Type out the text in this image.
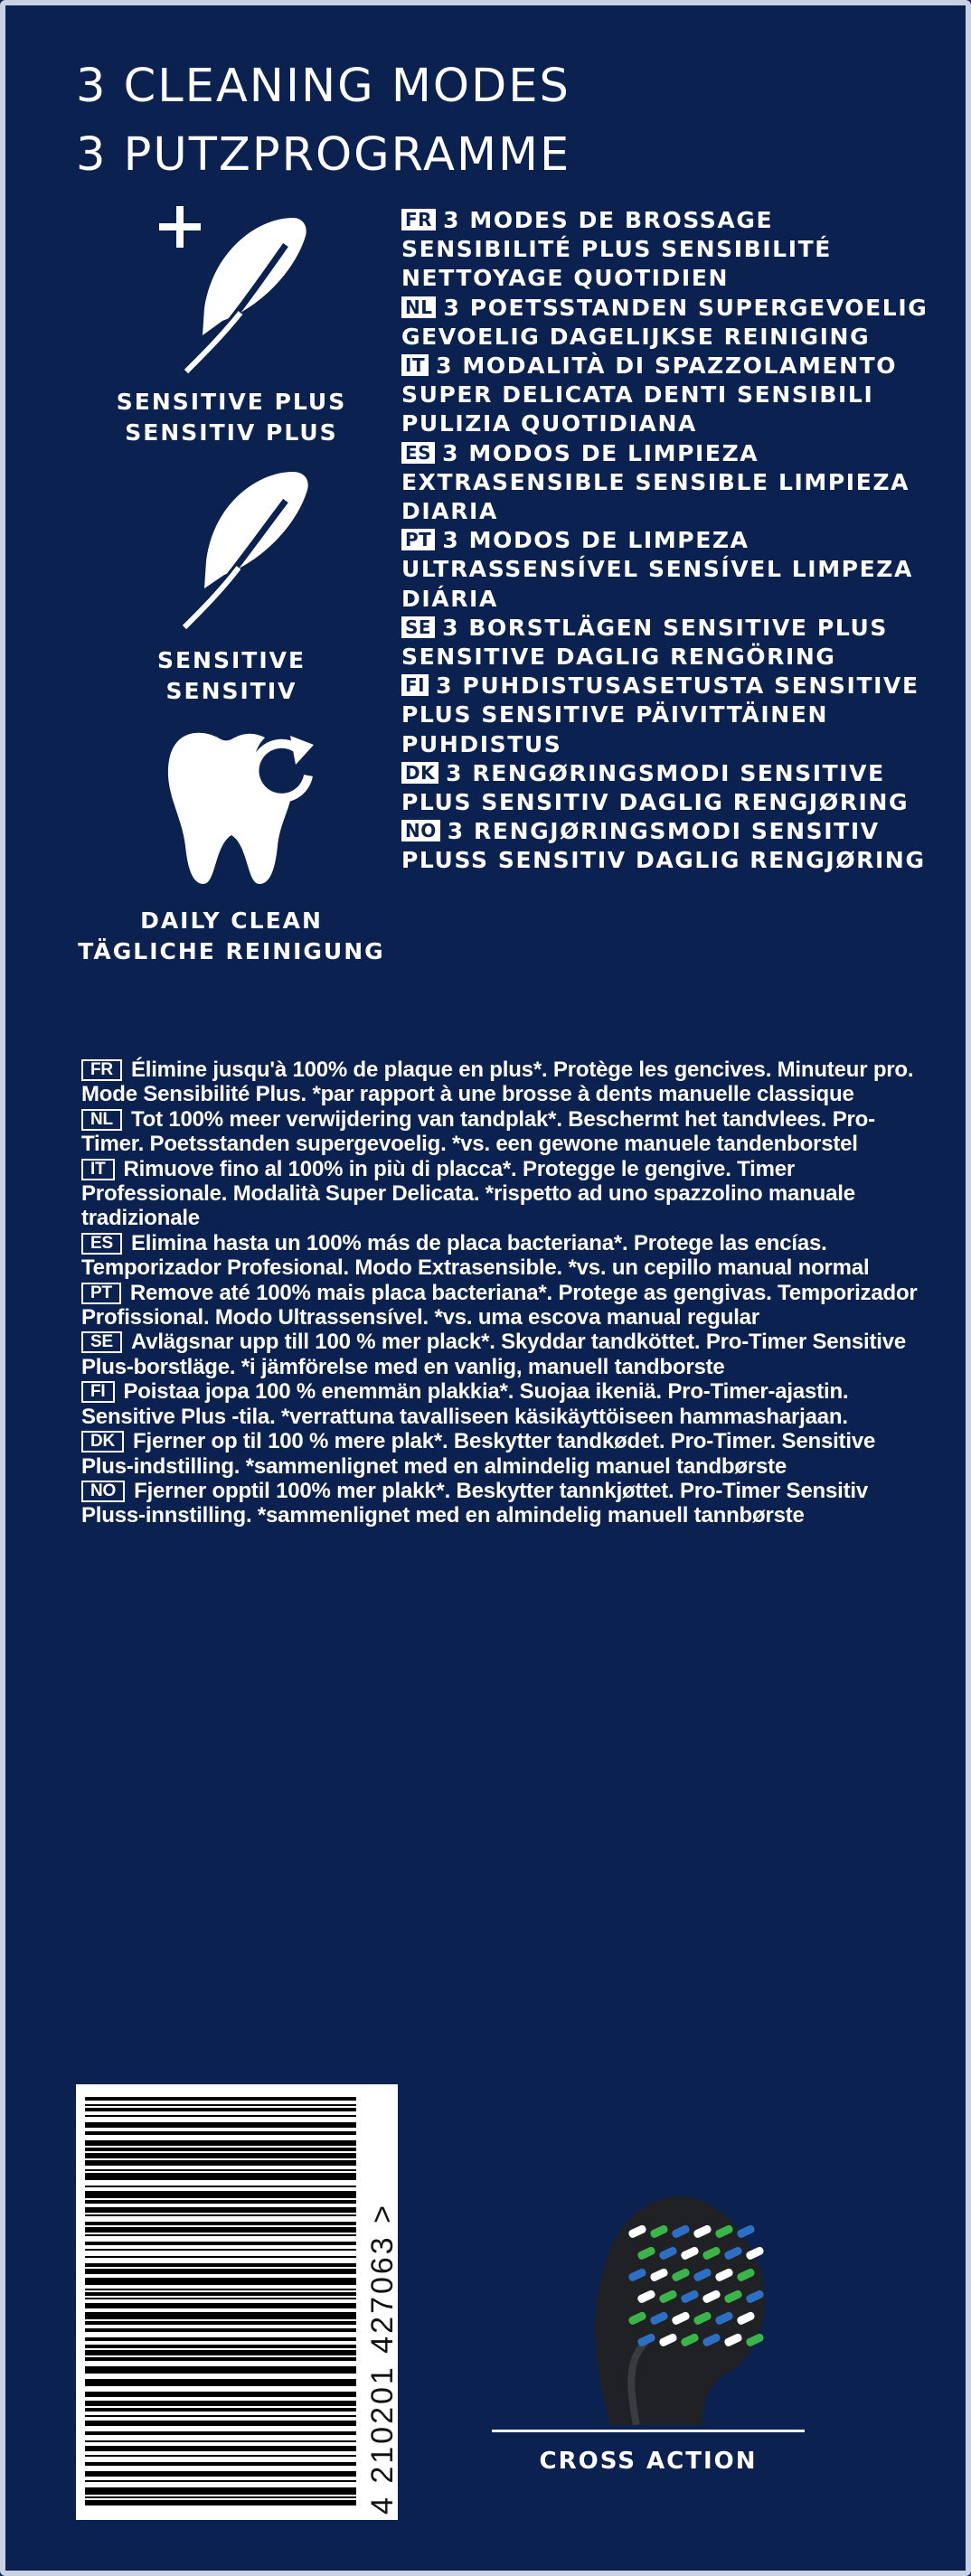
3 CLEANING MODES
3 PUTZPROGRAMME
SENSITIVE PLUS
SENSITIV PLUS
SENSITIVE
SENSITIV
DAILY CLEAN
TÄGLICHE REINIGUNG

FR 3 MODES DE BROSSAGE SENSIBILITÉ PLUS SENSIBILITÉ NETTOYAGE QUOTIDIEN

NL 3 POETSSTANDEN SUPERGEVOELIG GEVOELIG DAGELIJKSE REINIGING

IT 3 MODALITÀ DI SPAZZOLAMENTO SUPER DELICATA DENTI SENSIBILI PULIZIA QUOTIDIANA

ES 3 MODOS DE LIMPIEZA EXTRASENSIBLE SENSIBLE LIMPIEZA DIARIA

PT 3 MODOS DE LIMPEZA ULTRASSENSÍVEL SENSÍVEL LIMPEZA DIÁRIA

SE 3 BORSTLÄGEN SENSITIVE PLUS SENSITIVE DAGLIG RENGÖRING

FI 3 PUHDISTUSASETUSTA SENSITIVE PLUS SENSITIVE PÄIVITTÄINEN PUHDISTUS

DK 3 RENGØRINGSMODI SENSITIVE PLUS SENSITIV DAGLIG RENGJØRING

NO 3 RENGJØRINGSMODI SENSITIV PLUSS SENSITIV DAGLIG RENGJØRING

FR Élimine jusqu'à 100% de plaque en plus*. Protège les gencives. Minuteur pro. Mode Sensibilité Plus. *par rapport à une brosse à dents manuelle classique

NL Tot 100% meer verwijdering van tandplak*. Beschermt het tandvlees. Pro-Timer. Poetsstanden supergevoelig. *vs. een gewone manuele tandenborstel

IT Rimuove fino al 100% in più di placca*. Protegge le gengive. Timer Professionale. Modalità Super Delicata. *rispetto ad uno spazzolino manuale tradizionale

ES Elimina hasta un 100% más de placa bacteriana*. Protege las encías. Temporizador Profesional. Modo Extrasensible. *vs. un cepillo manual normal

PT Remove até 100% mais placa bacteriana*. Protege as gengivas. Temporizador Profissional. Modo Ultrassensível. *vs. uma escova manual regular

SE Avlägsnar upp till 100 % mer plack*. Skyddar tandköttet. Pro-Timer Sensitive Plus-borstläge. *i jämförelse med en vanlig, manuell tandborste

FI Poistaa jopa 100 % enemmän plakkia*. Suojaa ikeniä. Pro-Timer-ajastin. Sensitive Plus -tila. *verrattuna tavalliseen käsikäyttöiseen hammasharjaan.

DK Fjerner op til 100 % mere plak*. Beskytter tandkødet. Pro-Timer. Sensitive Plus-indstilling. *sammenlignet med en almindelig manuel tandbørste

NO Fjerner opptil 100% mer plakk*. Beskytter tannkjøttet. Pro-Timer Sensitiv Pluss-innstilling. *sammenlignet med en almindelig manuell tannbørste

4 210201 427063 >	CROSS ACTION
